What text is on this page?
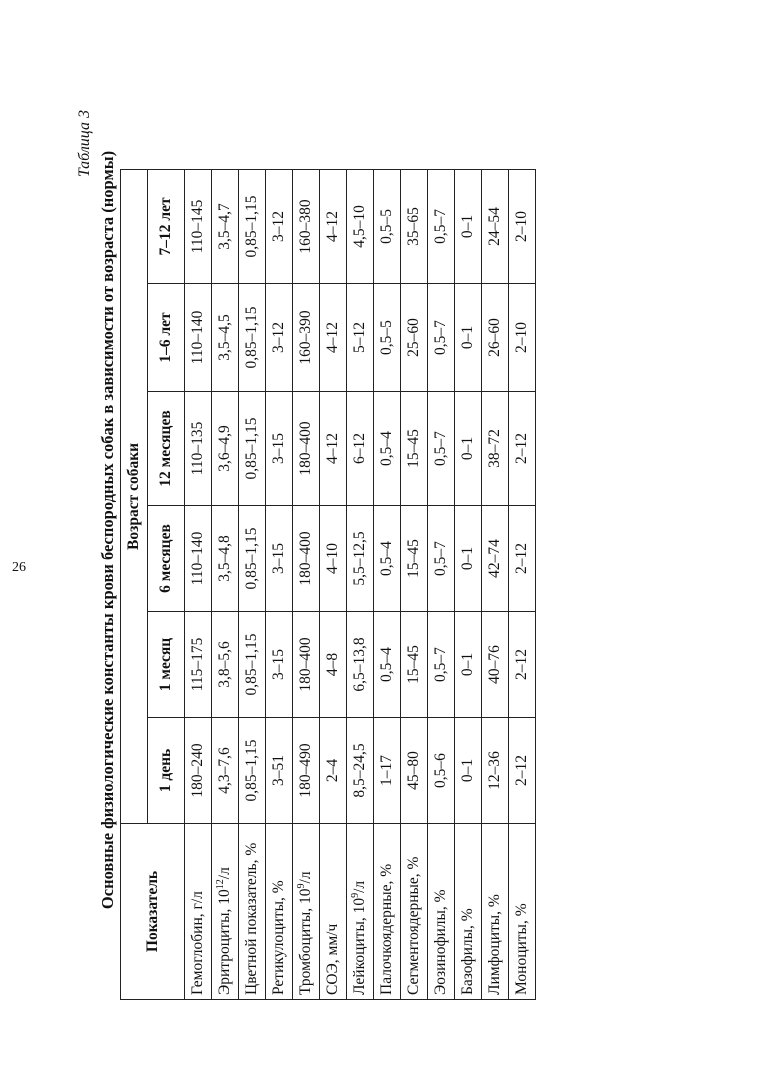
26
Таблица 3
Основные физиологические константы крови беспородных собак в зависимости от возраста (нормы)
Показатель	Возраст собаки					
	1 день	1 месяц	6 месяцев	12 месяцев	1–6 лет	7–12 лет
Гемоглобин, г/л	180–240	115–175	110–140	110–135	110–140	110–145
Эритроциты, $10^{12}/л$	4,3–7,6	3,8–5,6	3,5–4,8	3,6–4,9	3,5–4,5	3,5–4,7
Цветной показатель, %	0,85–1,15	0,85–1,15	0,85–1,15	0,85–1,15	0,85–1,15	0,85–1,15
Ретикулоциты, %	3–51	3–15	3–15	3–15	3–12	3–12
Тромбоциты, $10^9/л$	180–490	180–400	180–400	180–400	160–390	160–380
СОЭ, мм/ч	2–4	4–8	4–10	4–12	4–12	4–12
Лейкоциты, $10^9/л$	8,5–24,5	6,5–13,8	5,5–12,5	6–12	5–12	4,5–10
Палочкоядерные, %	1–17	0,5–4	0,5–4	0,5–4	0,5–5	0,5–5
Сегментоядерные, %	45–80	15–45	15–45	15–45	25–60	35–65
Эозинофилы, %	0,5–6	0,5–7	0,5–7	0,5–7	0,5–7	0,5–7
Базофилы, %	0–1	0–1	0–1	0–1	0–1	0–1
Лимфоциты, %	12–36	40–76	42–74	38–72	26–60	24–54
Моноциты, %	2–12	2–12	2–12	2–12	2–10	2–10
